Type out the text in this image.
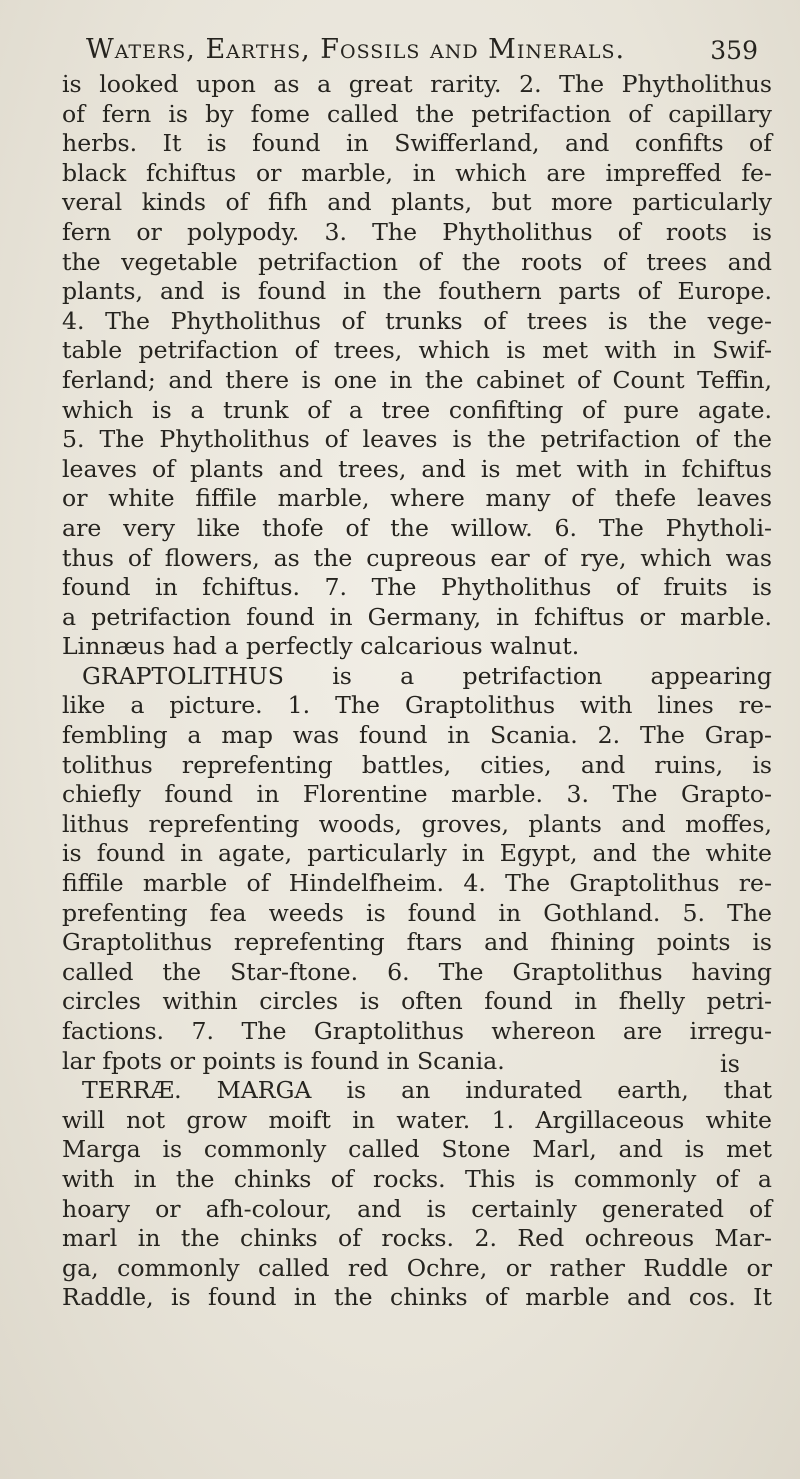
Waters, Earths, Fossils and Minerals.	359
is looked upon as a great rarity. 2. The Phytholithus
of fern is by fome called the petrifaction of capillary
herbs. It is found in Swifferland, and confifts of
black fchiftus or marble, in which are impreffed fe-
veral kinds of fifh and plants, but more particularly
fern or polypody. 3. The Phytholithus of roots is
the vegetable petrifaction of the roots of trees and
plants, and is found in the fouthern parts of Europe.
4. The Phytholithus of trunks of trees is the vege-
table petrifaction of trees, which is met with in Swif-
ferland; and there is one in the cabinet of Count Teffin,
which is a trunk of a tree confifting of pure agate.
5. The Phytholithus of leaves is the petrifaction of the
leaves of plants and trees, and is met with in fchiftus
or white fiffile marble, where many of thefe leaves
are very like thofe of the willow. 6. The Phytholi-
thus of flowers, as the cupreous ear of rye, which was
found in fchiftus. 7. The Phytholithus of fruits is
a petrifaction found in Germany, in fchiftus or marble.
Linnæus had a perfectly calcarious walnut.
GRAPTOLITHUS is a petrifaction appearing
like a picture. 1. The Graptolithus with lines re-
fembling a map was found in Scania. 2. The Grap-
tolithus reprefenting battles, cities, and ruins, is
chiefly found in Florentine marble. 3. The Grapto-
lithus reprefenting woods, groves, plants and moffes,
is found in agate, particularly in Egypt, and the white
fiffile marble of Hindelfheim. 4. The Graptolithus re-
prefenting fea weeds is found in Gothland. 5. The
Graptolithus reprefenting ftars and fhining points is
called the Star-ftone. 6. The Graptolithus having
circles within circles is often found in fhelly petri-
factions. 7. The Graptolithus whereon are irregu-
lar fpots or points is found in Scania.
TERRÆ. MARGA is an indurated earth, that
will not grow moift in water. 1. Argillaceous white
Marga is commonly called Stone Marl, and is met
with in the chinks of rocks. This is commonly of a
hoary or afh-colour, and is certainly generated of
marl in the chinks of rocks. 2. Red ochreous Mar-
ga, commonly called red Ochre, or rather Ruddle or
Raddle, is found in the chinks of marble and cos. It
is
